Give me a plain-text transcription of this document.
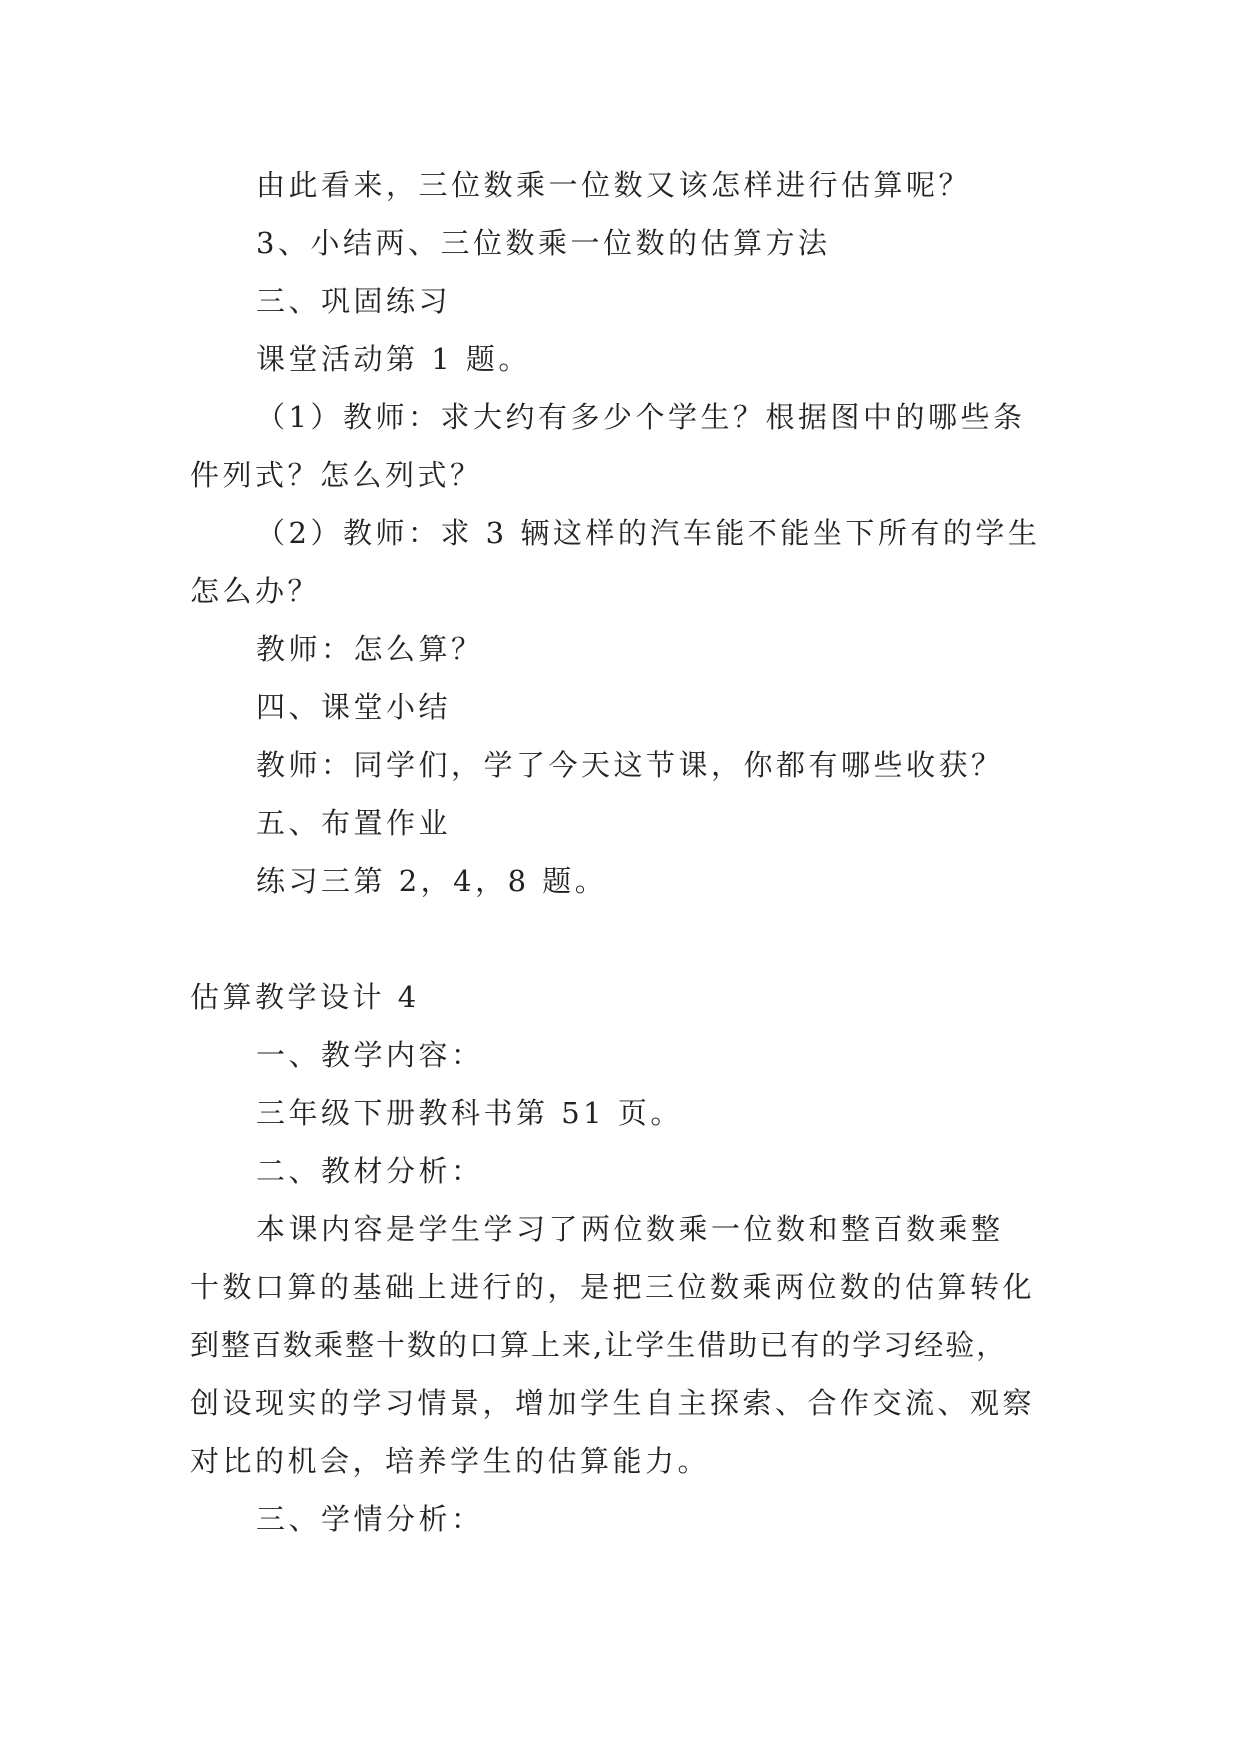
由此看来，三位数乘一位数又该怎样进行估算呢？
3、小结两、三位数乘一位数的估算方法
三、巩固练习
课堂活动第 1 题。
（1）教师：求大约有多少个学生？根据图中的哪些条
件列式？怎么列式？
（2）教师：求 3 辆这样的汽车能不能坐下所有的学生
怎么办？
教师：怎么算？
四、课堂小结
教师：同学们，学了今天这节课，你都有哪些收获？
五、布置作业
练习三第 2，4，8 题。
估算教学设计 4
一、教学内容：
三年级下册教科书第 51 页。
二、教材分析：
本课内容是学生学习了两位数乘一位数和整百数乘整
十数口算的基础上进行的，是把三位数乘两位数的估算转化
到整百数乘整十数的口算上来,让学生借助已有的学习经验，
创设现实的学习情景，增加学生自主探索、合作交流、观察
对比的机会，培养学生的估算能力。
三、学情分析：
